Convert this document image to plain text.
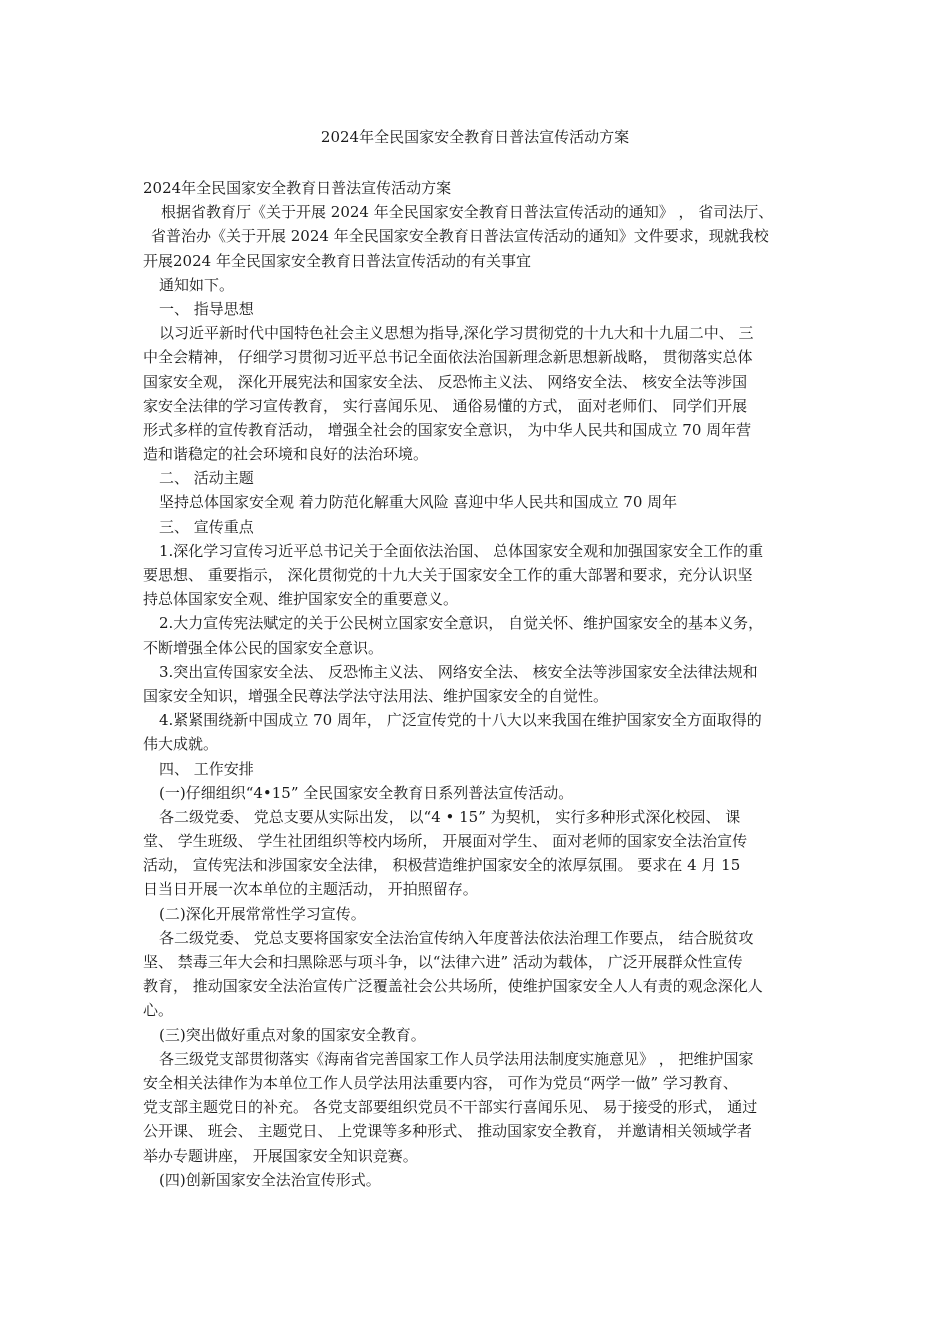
2024年全民国家安全教育日普法宣传活动方案
2024年全民国家安全教育日普法宣传活动方案
根据省教育厅《关于开展 2024 年全民国家安全教育日普法宣传活动的通知》 ， 省司法厅、
省普治办《关于开展 2024 年全民国家安全教育日普法宣传活动的通知》文件要求，现就我校
开展2024 年全民国家安全教育日普法宣传活动的有关事宜
通知如下。
一、 指导思想
以习近平新时代中国特色社会主义思想为指导,深化学习贯彻党的十九大和十九届二中、 三
中全会精神， 仔细学习贯彻习近平总书记全面依法治国新理念新思想新战略， 贯彻落实总体
国家安全观， 深化开展宪法和国家安全法、 反恐怖主义法、 网络安全法、 核安全法等涉国
家安全法律的学习宣传教育， 实行喜闻乐见、 通俗易懂的方式， 面对老师们、 同学们开展
形式多样的宣传教育活动， 增强全社会的国家安全意识， 为中华人民共和国成立 70 周年营
造和谐稳定的社会环境和良好的法治环境。
二、 活动主题
坚持总体国家安全观 着力防范化解重大风险 喜迎中华人民共和国成立 70 周年
三、 宣传重点
1.深化学习宣传习近平总书记关于全面依法治国、 总体国家安全观和加强国家安全工作的重
要思想、 重要指示， 深化贯彻党的十九大关于国家安全工作的重大部署和要求，充分认识坚
持总体国家安全观、维护国家安全的重要意义。
2.大力宣传宪法赋定的关于公民树立国家安全意识， 自觉关怀、维护国家安全的基本义务，
不断增强全体公民的国家安全意识。
3.突出宣传国家安全法、 反恐怖主义法、 网络安全法、 核安全法等涉国家安全法律法规和
国家安全知识，增强全民尊法学法守法用法、维护国家安全的自觉性。
4.紧紧围绕新中国成立 70 周年， 广泛宣传党的十八大以来我国在维护国家安全方面取得的
伟大成就。
四、 工作安排
(一)仔细组织“4•15” 全民国家安全教育日系列普法宣传活动。
各二级党委、 党总支要从实际出发， 以“4 • 15” 为契机， 实行多种形式深化校园、 课
堂、 学生班级、 学生社团组织等校内场所， 开展面对学生、 面对老师的国家安全法治宣传
活动， 宣传宪法和涉国家安全法律， 积极营造维护国家安全的浓厚氛围。 要求在 4 月 15
日当日开展一次本单位的主题活动， 开拍照留存。
(二)深化开展常常性学习宣传。
各二级党委、 党总支要将国家安全法治宣传纳入年度普法依法治理工作要点， 结合脱贫攻
坚、 禁毒三年大会和扫黑除恶与项斗争，以“法律六进” 活动为载体， 广泛开展群众性宣传
教育， 推动国家安全法治宣传广泛覆盖社会公共场所，使维护国家安全人人有责的观念深化人
心。
(三)突出做好重点对象的国家安全教育。
各三级党支部贯彻落实《海南省完善国家工作人员学法用法制度实施意见》 ， 把维护国家
安全相关法律作为本单位工作人员学法用法重要内容， 可作为党员“两学一做” 学习教育、
党支部主题党日的补充。 各党支部要组织党员不干部实行喜闻乐见、 易于接受的形式， 通过
公开课、 班会、 主题党日、 上党课等多种形式、 推动国家安全教育， 并邀请相关领域学者
举办专题讲座， 开展国家安全知识竞赛。
(四)创新国家安全法治宣传形式。
